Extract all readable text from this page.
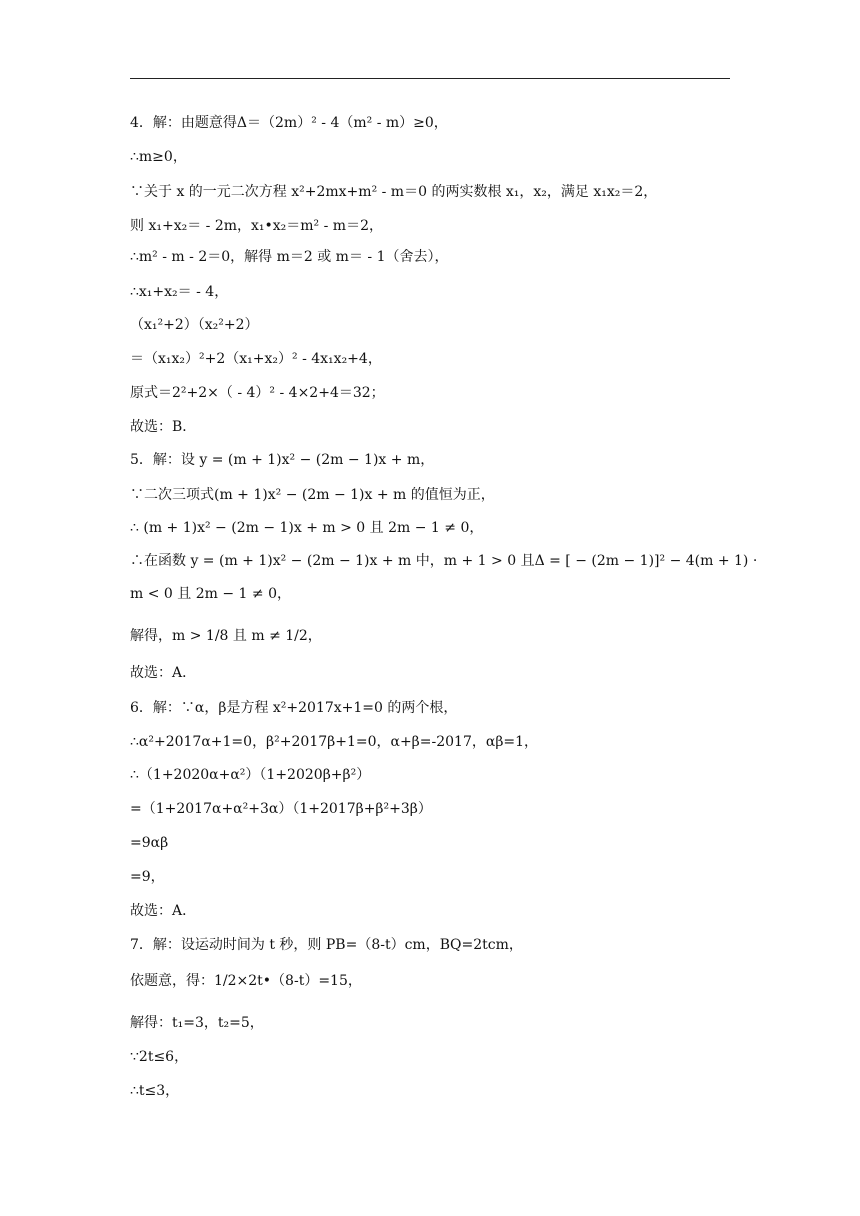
4．解：由题意得Δ＝（2m）² - 4（m² - m）≥0，
∴m≥0，
∵关于 x 的一元二次方程 x²+2mx+m² - m＝0 的两实数根 x₁，x₂，满足 x₁x₂＝2，
则 x₁+x₂＝ - 2m，x₁•x₂＝m² - m＝2，
∴m² - m - 2＝0，解得 m＝2 或 m＝ - 1（舍去），
∴x₁+x₂＝ - 4，
（x₁²+2）（x₂²+2）
＝（x₁x₂）²+2（x₁+x₂）² - 4x₁x₂+4，
原式＝2²+2×（ - 4）² - 4×2+4＝32；
故选：B．
5．解：设 y = (m + 1)x² − (2m − 1)x + m，
∵二次三项式(m + 1)x² − (2m − 1)x + m 的值恒为正，
∴ (m + 1)x² − (2m − 1)x + m > 0 且 2m − 1 ≠ 0，
∴在函数 y = (m + 1)x² − (2m − 1)x + m 中，m + 1 > 0 且Δ = [ − (2m − 1)]² − 4(m + 1) ·
m < 0 且 2m − 1 ≠ 0，
解得，m > 1/8 且 m ≠ 1/2，
故选：A．
6．解：∵α，β是方程 x²+2017x+1=0 的两个根，
∴α²+2017α+1=0，β²+2017β+1=0，α+β=-2017，αβ=1，
∴（1+2020α+α²）（1+2020β+β²）
=（1+2017α+α²+3α）（1+2017β+β²+3β）
=9αβ
=9，
故选：A．
7．解：设运动时间为 t 秒，则 PB=（8-t）cm，BQ=2tcm，
依题意，得：1/2×2t•（8-t）=15，
解得：t₁=3，t₂=5，
∵2t≤6，
∴t≤3，
